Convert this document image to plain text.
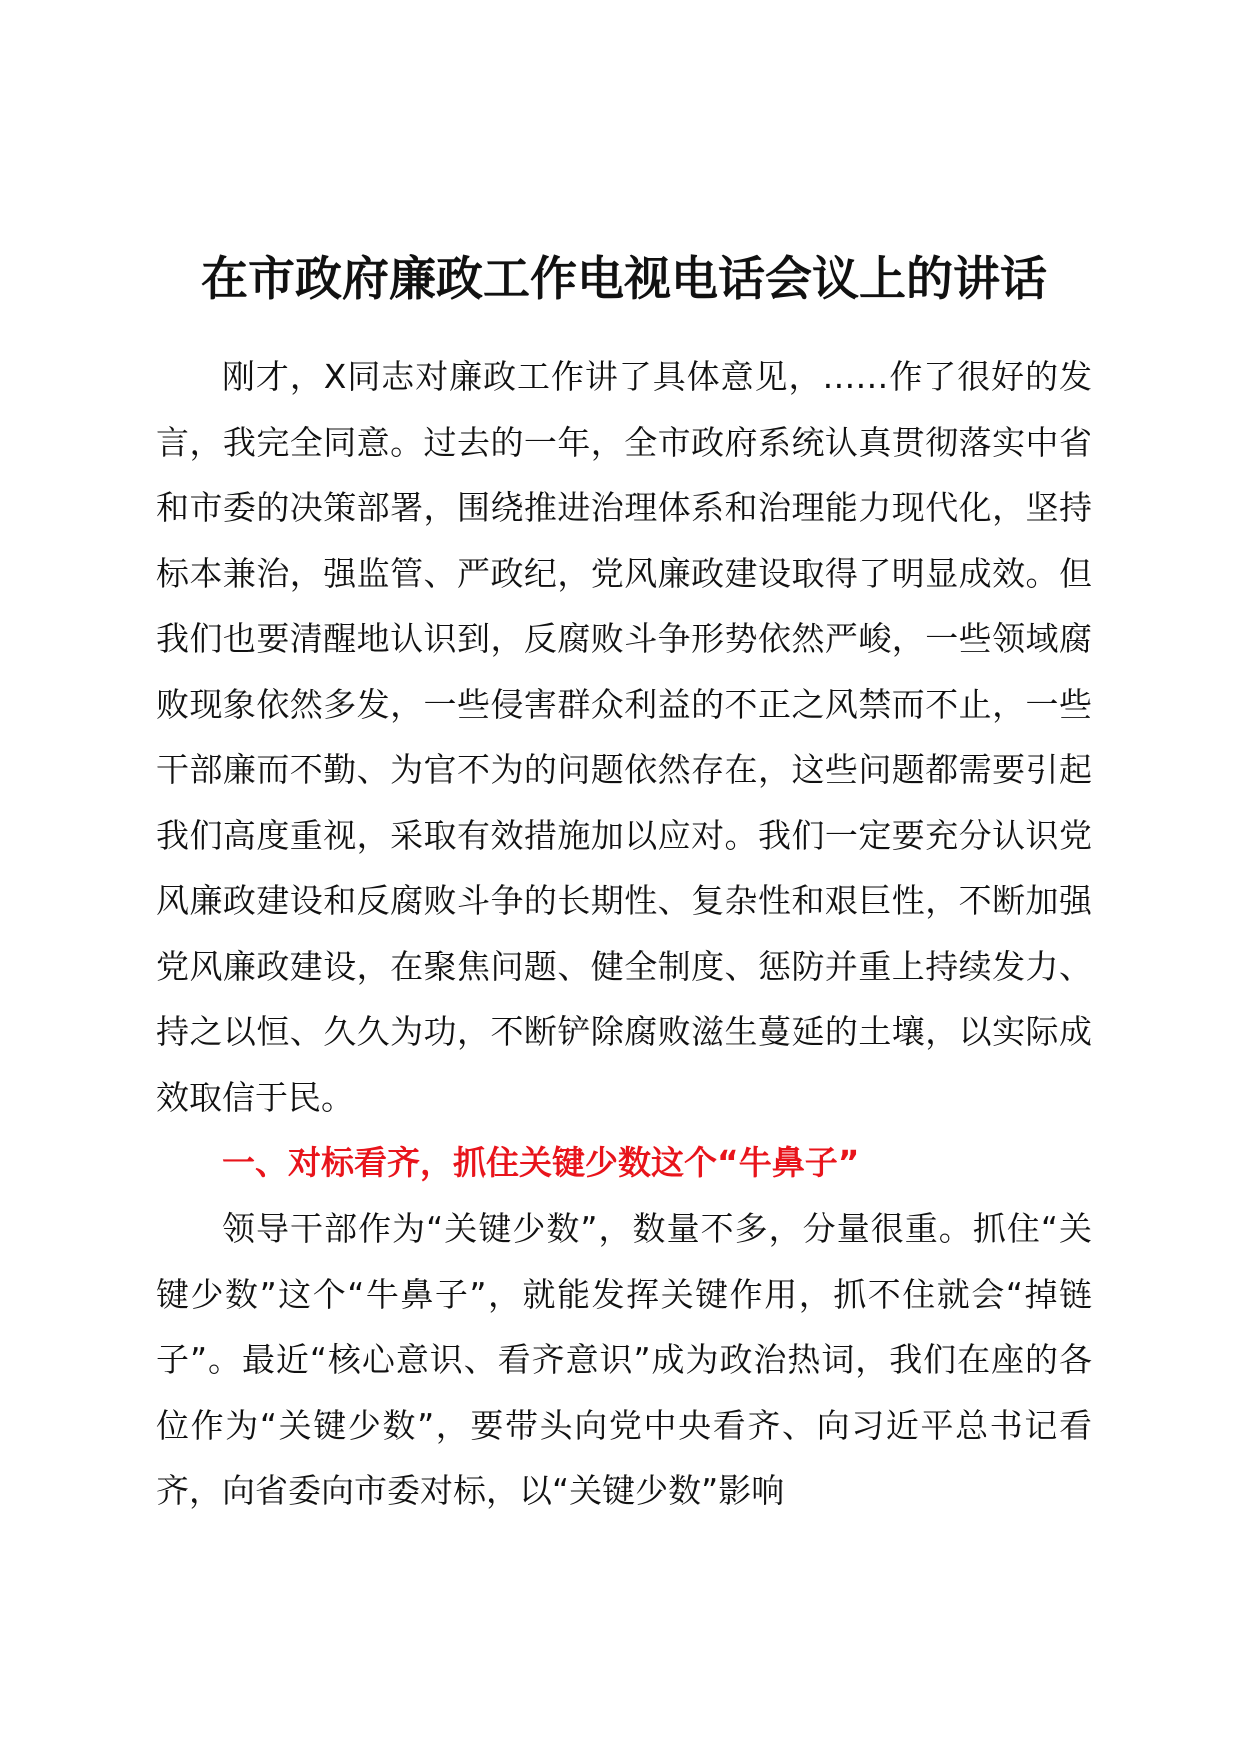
在市政府廉政工作电视电话会议上的讲话

刚才，X同志对廉政工作讲了具体意见，……作了很好的发言，我完全同意。过去的一年，全市政府系统认真贯彻落实中省和市委的决策部署，围绕推进治理体系和治理能力现代化，坚持标本兼治，强监管、严政纪，党风廉政建设取得了明显成效。但我们也要清醒地认识到，反腐败斗争形势依然严峻，一些领域腐败现象依然多发，一些侵害群众利益的不正之风禁而不止，一些干部廉而不勤、为官不为的问题依然存在，这些问题都需要引起我们高度重视，采取有效措施加以应对。我们一定要充分认识党风廉政建设和反腐败斗争的长期性、复杂性和艰巨性，不断加强党风廉政建设，在聚焦问题、健全制度、惩防并重上持续发力、持之以恒、久久为功，不断铲除腐败滋生蔓延的土壤，以实际成效取信于民。

一、对标看齐，抓住关键少数这个“牛鼻子”

领导干部作为“关键少数”，数量不多，分量很重。抓住“关键少数”这个“牛鼻子”，就能发挥关键作用，抓不住就会“掉链子”。最近“核心意识、看齐意识”成为政治热词，我们在座的各位作为“关键少数”，要带头向党中央看齐、向习近平总书记看齐，向省委向市委对标，以“关键少数”影响
